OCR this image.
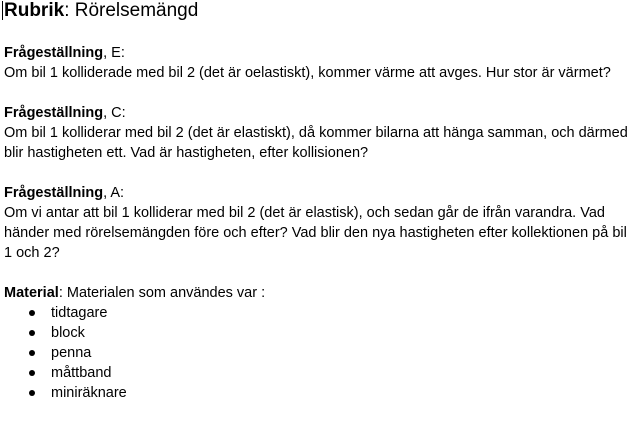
Rubrik: Rörelsemängd

Frågeställning, E:

Om bil 1 kolliderade med bil 2 (det är oelastiskt), kommer värme att avges. Hur stor är värmet?

Frågeställning, C:

Om bil 1 kolliderar med bil 2 (det är elastiskt), då kommer bilarna att hänga samman, och därmed blir hastigheten ett. Vad är hastigheten, efter kollisionen?

Frågeställning, A:

Om vi antar att bil 1 kolliderar med bil 2 (det är elastisk), och sedan går de ifrån varandra. Vad händer med rörelsemängden före och efter? Vad blir den nya hastigheten efter kollektionen på bil 1 och 2?

Material: Materialen som användes var :

tidtagare
block
penna
måttband
miniräknare
